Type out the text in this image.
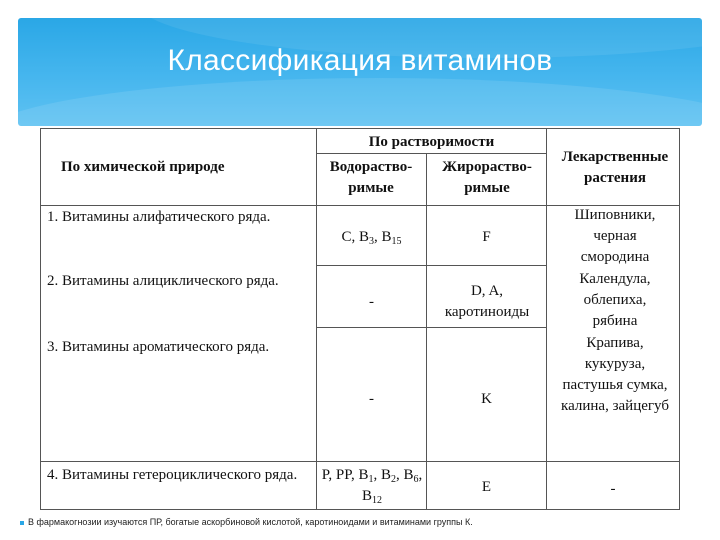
Классификация витаминов
По химической природе
По растворимости
Водораство-римые
Жирораство-римые
Лекарственные растения
1. Витамины алифатического ряда.
2. Витамины алициклического ряда.
3. Витамины ароматического ряда.
4. Витамины гетероциклического ряда.
C, $B_3$, $B_{15}$
-
-
P, PP, $B_1$, $B_2$, $B_6$, $B_{12}$
F
D, A, каротиноиды
K
E
Шиповники, черная смородина
Календула, облепиха, рябина
Крапива, кукуруза, пастушья сумка, калина, зайцегуб
-
В фармакогнозии изучаются ПР, богатые аскорбиновой кислотой, каротиноидами и витаминами группы К.
